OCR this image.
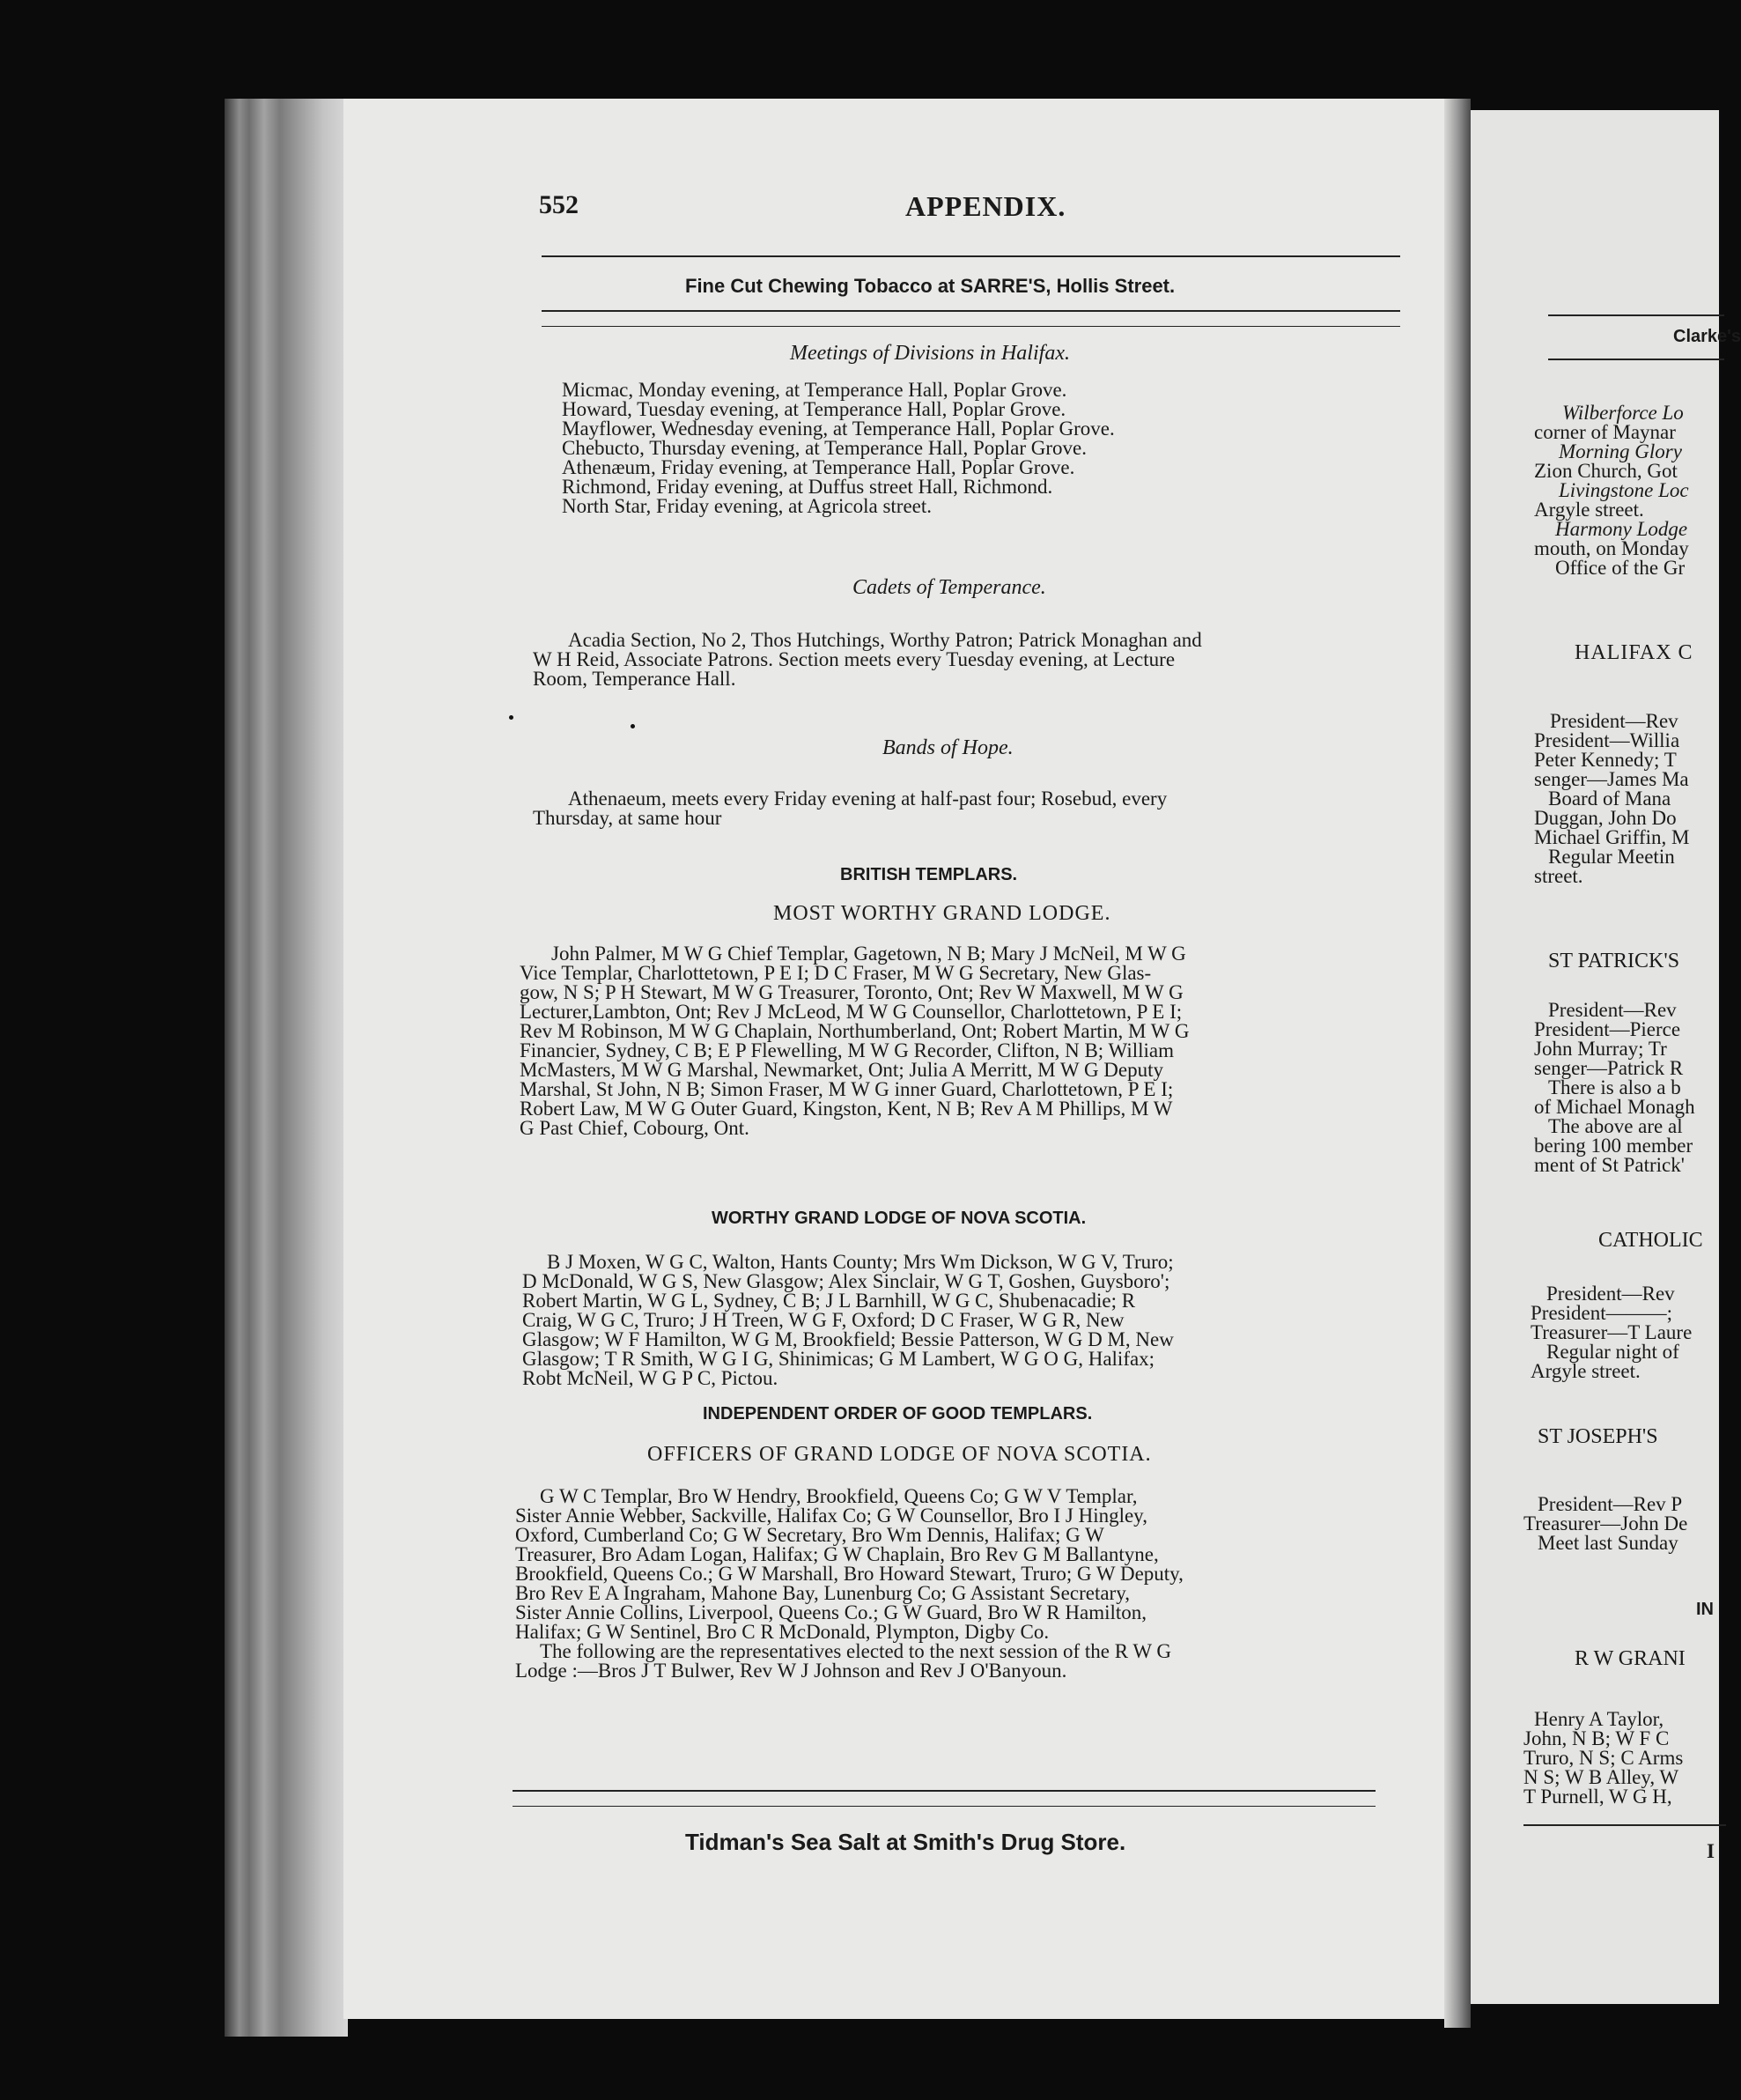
Clarke's
Wilberforce Lo
corner of Maynar
Morning Glory
Zion Church, Got
Livingstone Loc
Argyle street.
Harmony Lodge
mouth, on Monday
Office of the Gr
HALIFAX C
President—Rev
President—Willia
Peter Kennedy; T
senger—James Ma
Board of Mana
Duggan, John Do
Michael Griffin, M
Regular Meetin
street.
ST PATRICK'S
President—Rev
President—Pierce
John Murray; Tr
senger—Patrick R
There is also a b
of Michael Monagh
The above are al
bering 100 member
ment of St Patrick'
CATHOLIC
President—Rev
President———;
Treasurer—T Laure
Regular night of
Argyle street.
ST JOSEPH'S
President—Rev P
Treasurer—John De
Meet last Sunday
IN
R W GRANI
Henry A Taylor,
John, N B; W F C
Truro, N S; C Arms
N S; W B Alley, W
T Purnell, W G H,
I
552	APPENDIX.
Fine Cut Chewing Tobacco at SARRE'S, Hollis Street.
Meetings of Divisions in Halifax.
Micmac, Monday evening, at Temperance Hall, Poplar Grove.
Howard, Tuesday evening, at Temperance Hall, Poplar Grove.
Mayflower, Wednesday evening, at Temperance Hall, Poplar Grove.
Chebucto, Thursday evening, at Temperance Hall, Poplar Grove.
Athenæum, Friday evening, at Temperance Hall, Poplar Grove.
Richmond, Friday evening, at Duffus street Hall, Richmond.
North Star, Friday evening, at Agricola street.
Cadets of Temperance.
Acadia Section, No 2, Thos Hutchings, Worthy Patron; Patrick Monaghan and
W H Reid, Associate Patrons. Section meets every Tuesday evening, at Lecture
Room, Temperance Hall.
Bands of Hope.
Athenaeum, meets every Friday evening at half-past four; Rosebud, every
Thursday, at same hour
BRITISH TEMPLARS.
MOST WORTHY GRAND LODGE.
John Palmer, M W G Chief Templar, Gagetown, N B; Mary J McNeil, M W G
Vice Templar, Charlottetown, P E I; D C Fraser, M W G Secretary, New Glas-
gow, N S; P H Stewart, M W G Treasurer, Toronto, Ont; Rev W Maxwell, M W G
Lecturer,Lambton, Ont; Rev J McLeod, M W G Counsellor, Charlottetown, P E I;
Rev M Robinson, M W G Chaplain, Northumberland, Ont; Robert Martin, M W G
Financier, Sydney, C B; E P Flewelling, M W G Recorder, Clifton, N B; William
McMasters, M W G Marshal, Newmarket, Ont; Julia A Merritt, M W G Deputy
Marshal, St John, N B; Simon Fraser, M W G inner Guard, Charlottetown, P E I;
Robert Law, M W G Outer Guard, Kingston, Kent, N B; Rev A M Phillips, M W
G Past Chief, Cobourg, Ont.
WORTHY GRAND LODGE OF NOVA SCOTIA.
B J Moxen, W G C, Walton, Hants County; Mrs Wm Dickson, W G V, Truro;
D McDonald, W G S, New Glasgow; Alex Sinclair, W G T, Goshen, Guysboro';
Robert Martin, W G L, Sydney, C B; J L Barnhill, W G C, Shubenacadie; R
Craig, W G C, Truro; J H Treen, W G F, Oxford; D C Fraser, W G R, New
Glasgow; W F Hamilton, W G M, Brookfield; Bessie Patterson, W G D M, New
Glasgow; T R Smith, W G I G, Shinimicas; G M Lambert, W G O G, Halifax;
Robt McNeil, W G P C, Pictou.
INDEPENDENT ORDER OF GOOD TEMPLARS.
OFFICERS OF GRAND LODGE OF NOVA SCOTIA.
G W C Templar, Bro W Hendry, Brookfield, Queens Co; G W V Templar,
Sister Annie Webber, Sackville, Halifax Co; G W Counsellor, Bro I J Hingley,
Oxford, Cumberland Co; G W Secretary, Bro Wm Dennis, Halifax; G W
Treasurer, Bro Adam Logan, Halifax; G W Chaplain, Bro Rev G M Ballantyne,
Brookfield, Queens Co.; G W Marshall, Bro Howard Stewart, Truro; G W Deputy,
Bro Rev E A Ingraham, Mahone Bay, Lunenburg Co; G Assistant Secretary,
Sister Annie Collins, Liverpool, Queens Co.; G W Guard, Bro W R Hamilton,
Halifax; G W Sentinel, Bro C R McDonald, Plympton, Digby Co.
The following are the representatives elected to the next session of the R W G
Lodge :—Bros J T Bulwer, Rev W J Johnson and Rev J O'Banyoun.
Tidman's Sea Salt at Smith's Drug Store.
